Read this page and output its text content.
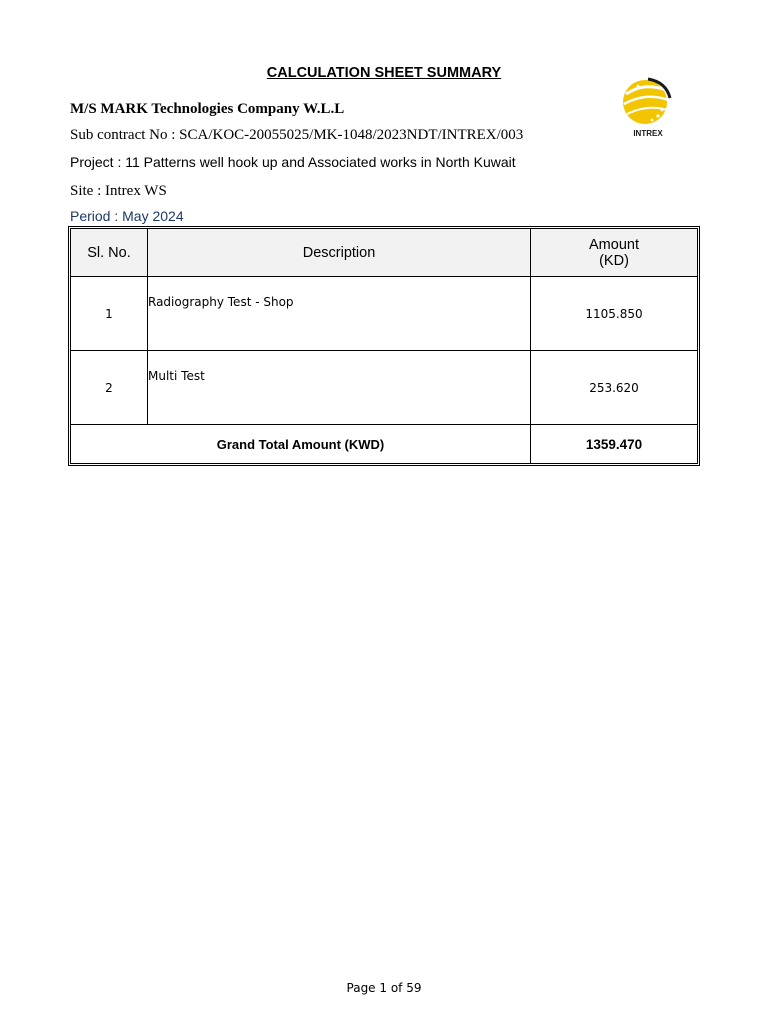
CALCULATION SHEET SUMMARY
M/S MARK Technologies Company W.L.L
Sub contract No : SCA/KOC-20055025/MK-1048/2023NDT/INTREX/003
Project : 11 Patterns well hook up and Associated works in North Kuwait
Site : Intrex WS
Period : May 2024
INTREX
Sl. No.	Description	Amount
(KD)

1	Radiography Test - Shop	1105.850
2	Multi Test	253.620
Grand Total Amount (KWD)		1359.470
Page 1 of 59
